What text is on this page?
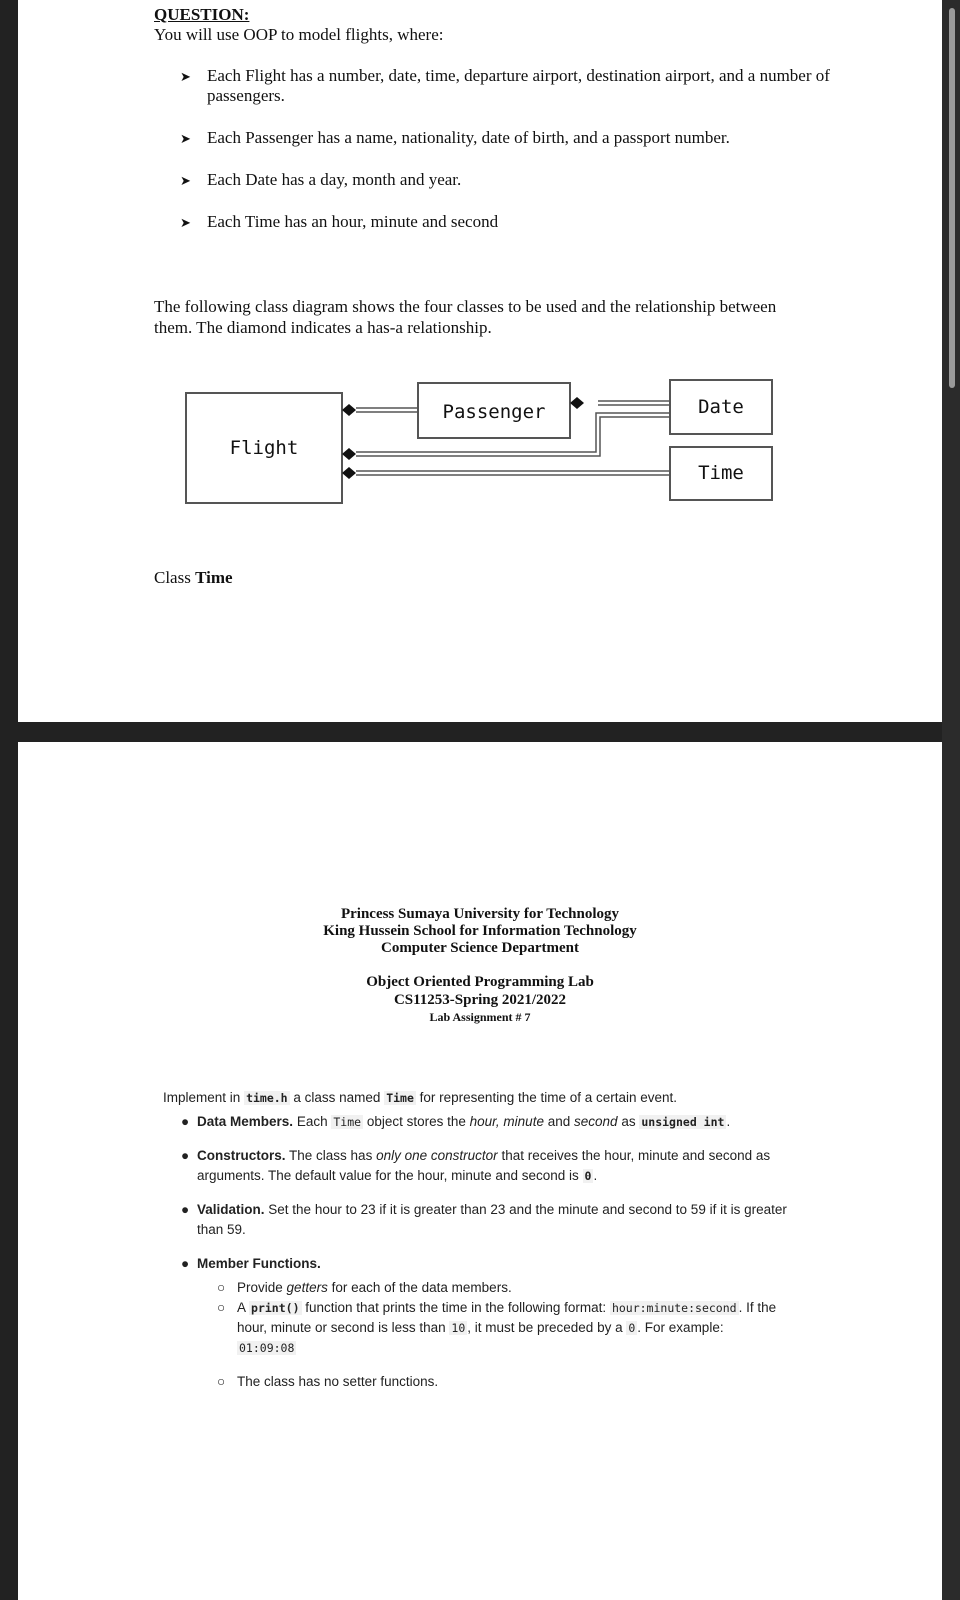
QUESTION:
You will use OOP to model flights, where:
➤ Each Flight has a number, date, time, departure airport, destination airport, and a number of passengers.
➤ Each Passenger has a name, nationality, date of birth, and a passport number.
➤ Each Date has a day, month and year.
➤ Each Time has an hour, minute and second
The following class diagram shows the four classes to be used and the relationship between them. The diamond indicates a has-a relationship.
Flight
Passenger	Date
Time
Class Time
Princess Sumaya University for Technology
King Hussein School for Information Technology
Computer Science Department
Object Oriented Programming Lab
CS11253-Spring 2021/2022
Lab Assignment # 7
Implement in time.h a class named Time for representing the time of a certain event.
● Data Members. Each Time object stores the hour, minute and second as unsigned int .
● Constructors. The class has only one constructor that receives the hour, minute and second as arguments. The default value for the hour, minute and second is 0 .
● Validation. Set the hour to 23 if it is greater than 23 and the minute and second to 59 if it is greater than 59.
● Member Functions.
○ Provide getters for each of the data members.
○ A print() function that prints the time in the following format: hour:minute:second . If the hour, minute or second is less than 10 , it must be preceded by a 0 . For example:
01:09:08
○ The class has no setter functions.
